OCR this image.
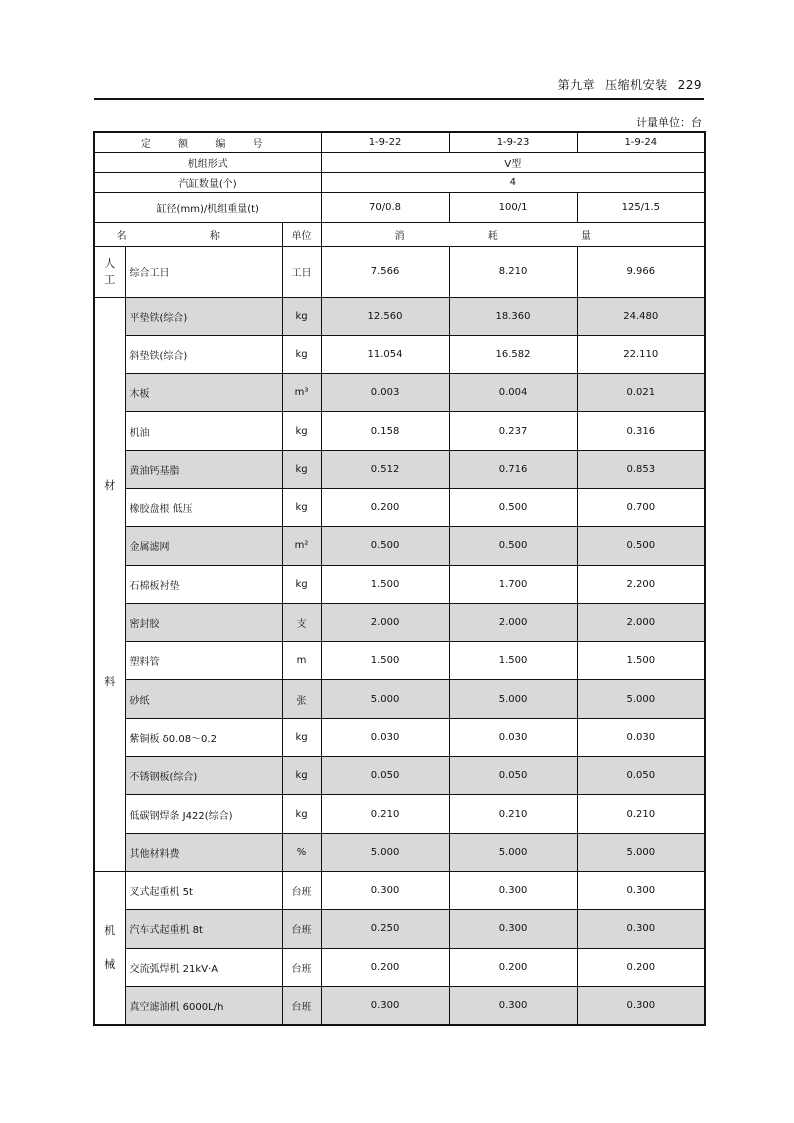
第九章 压缩机安装 229
计量单位：台
定 额 编 号			1-9-22	1-9-23	1-9-24
机组形式			V型		
汽缸数量(个)			4		
缸径(mm)/机组重量(t)			70/0.8	100/1	125/1.5
名 称		单位	消 耗 量		

人工	综合工日	工日	7.566	8.210	9.966

材
料	平垫铁(综合)	kg	12.560	18.360	24.480
	斜垫铁(综合)	kg	11.054	16.582	22.110
	木板	m³	0.003	0.004	0.021
	机油	kg	0.158	0.237	0.316
	黄油钙基脂	kg	0.512	0.716	0.853
	橡胶盘根 低压	kg	0.200	0.500	0.700
	金属滤网	m²	0.500	0.500	0.500
	石棉板衬垫	kg	1.500	1.700	2.200
	密封胶	支	2.000	2.000	2.000
	塑料管	m	1.500	1.500	1.500
	砂纸	张	5.000	5.000	5.000
	紫铜板 δ0.08～0.2	kg	0.030	0.030	0.030
	不锈钢板(综合)	kg	0.050	0.050	0.050
	低碳钢焊条 J422(综合)	kg	0.210	0.210	0.210
	其他材料费	%	5.000	5.000	5.000

机
械	叉式起重机 5t	台班	0.300	0.300	0.300
	汽车式起重机 8t	台班	0.250	0.300	0.300
	交流弧焊机 21kV·A	台班	0.200	0.200	0.200
	真空滤油机 6000L/h	台班	0.300	0.300	0.300
